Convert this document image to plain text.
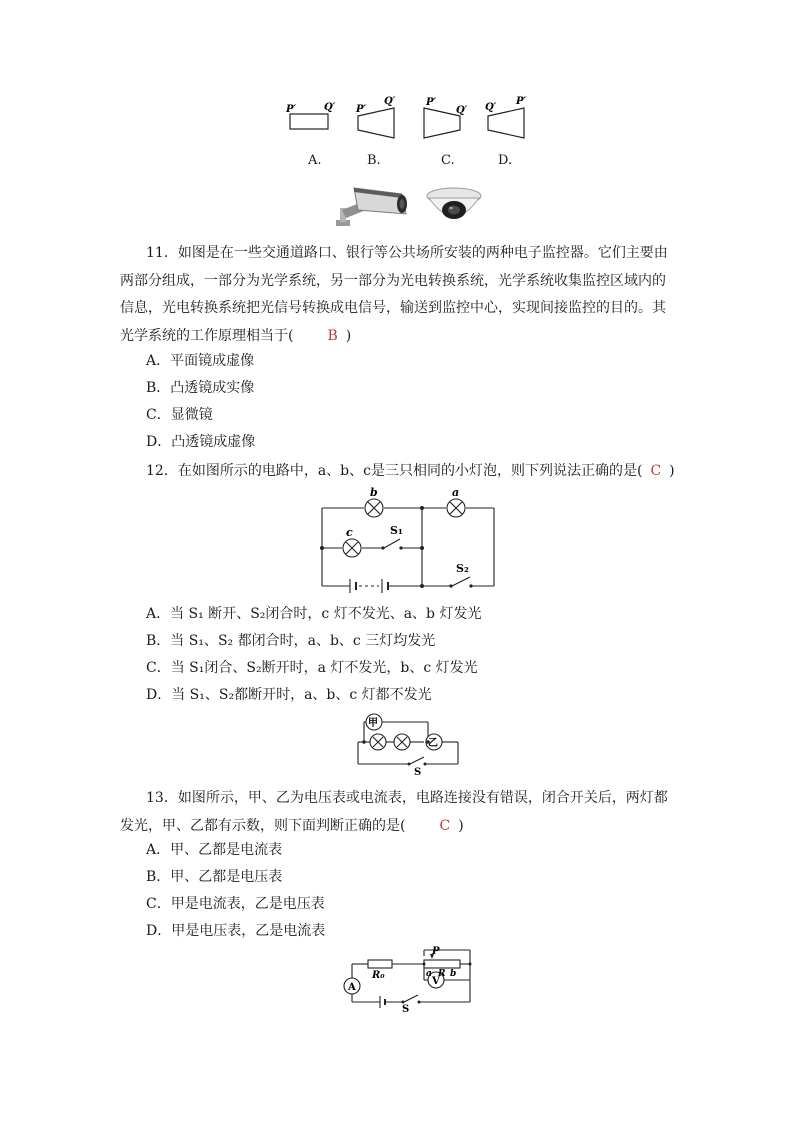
P′	Q′ P′
Q′	P′
Q′ Q′
P′
A.	B.	C.	D.
11．如图是在一些交通道路口、银行等公共场所安装的两种电子监控器。它们主要由两部分组成，一部分为光学系统，另一部分为光电转换系统，光学系统收集监控区域内的信息，光电转换系统把光信号转换成电信号，输送到监控中心，实现间接监控的目的。其光学系统的工作原理相当于( B )
A．平面镜成虚像
B．凸透镜成实像
C．显微镜
D．凸透镜成虚像
12．在如图所示的电路中，a、b、c是三只相同的小灯泡，则下列说法正确的是( C )
b	a
c	S₁
S₂
A．当 S₁ 断开、S₂闭合时，c 灯不发光、a、b 灯发光
B．当 S₁、S₂ 都闭合时，a、b、c 三灯均发光
C．当 S₁闭合、S₂断开时，a 灯不发光，b、c 灯发光
D．当 S₁、S₂都断开时，a、b、c 灯都不发光
甲
乙
S
13．如图所示，甲、乙为电压表或电流表，电路连接没有错误，闭合开关后，两灯都发光，甲、乙都有示数，则下面判断正确的是( C )
A．甲、乙都是电流表
B．甲、乙都是电压表
C．甲是电流表，乙是电压表
D．甲是电压表，乙是电流表
A
V
R₀
P
a R b
S
